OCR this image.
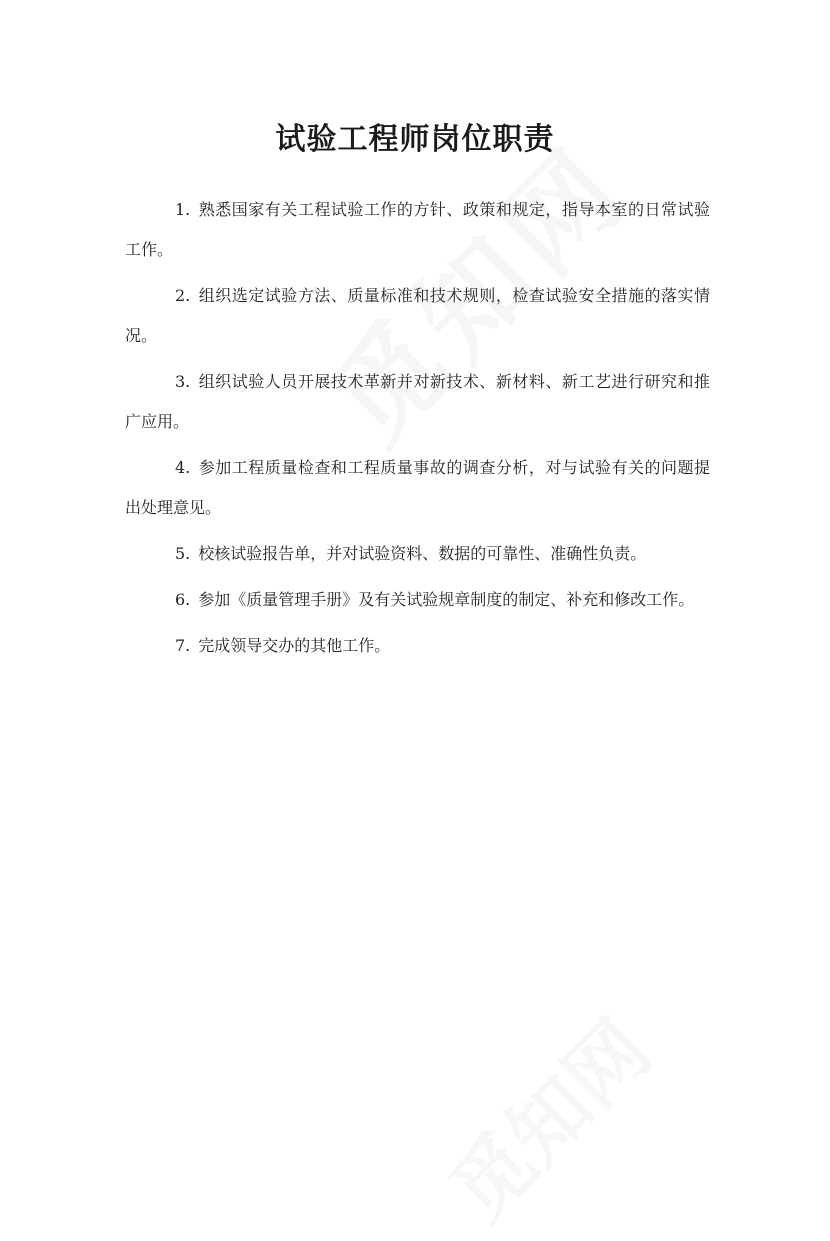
试验工程师岗位职责

1. 熟悉国家有关工程试验工作的方针、政策和规定，指导本室的日常试验工作。

2. 组织选定试验方法、质量标准和技术规则，检查试验安全措施的落实情况。

3. 组织试验人员开展技术革新并对新技术、新材料、新工艺进行研究和推广应用。

4. 参加工程质量检查和工程质量事故的调查分析，对与试验有关的问题提出处理意见。

5. 校核试验报告单，并对试验资料、数据的可靠性、准确性负责。

6. 参加《质量管理手册》及有关试验规章制度的制定、补充和修改工作。

7. 完成领导交办的其他工作。
